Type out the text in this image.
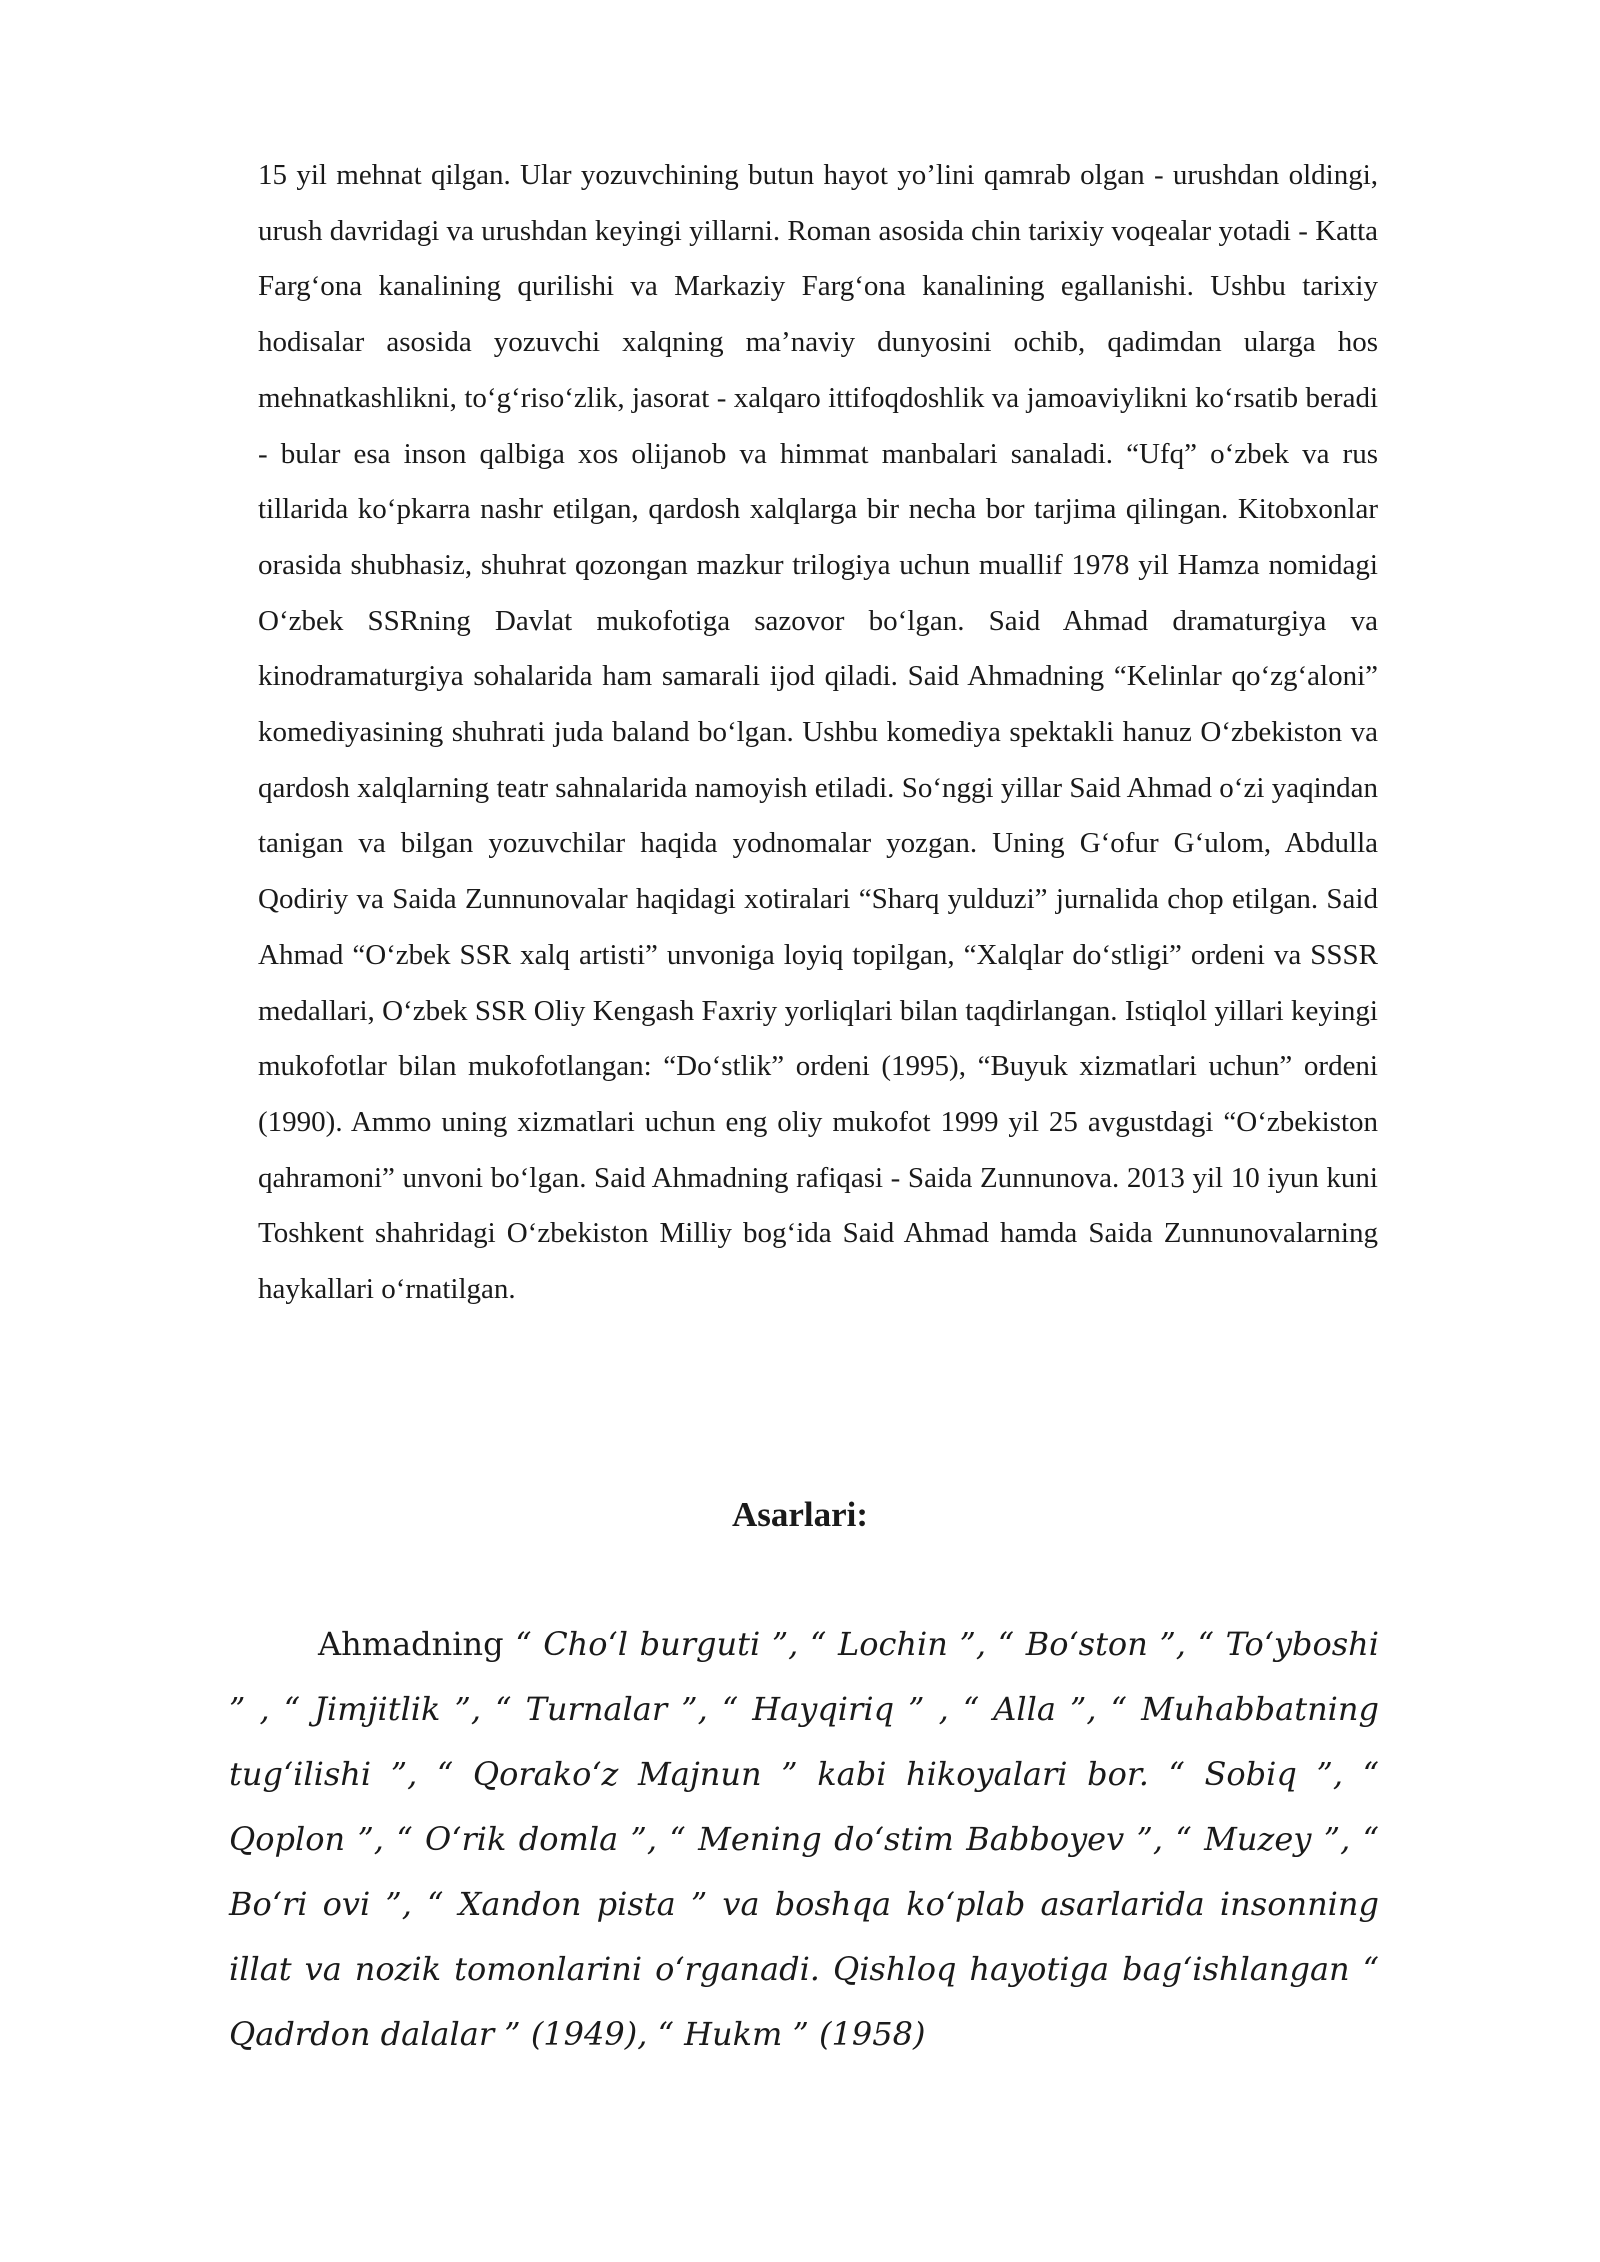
15 yil mehnat qilgan. Ular yozuvchining butun hayot yo’lini qamrab olgan - urushdan oldingi, urush davridagi va urushdan keyingi yillarni. Roman asosida chin tarixiy voqealar yotadi - Katta Farg‘ona kanalining qurilishi va Markaziy Farg‘ona kanalining egallanishi. Ushbu tarixiy hodisalar asosida yozuvchi xalqning ma’naviy dunyosini ochib, qadimdan ularga hos mehnatkashlikni, to‘g‘riso‘zlik, jasorat - xalqaro ittifoqdoshlik va jamoaviylikni ko‘rsatib beradi - bular esa inson qalbiga xos olijanob va himmat manbalari sanaladi. “Ufq” o‘zbek va rus tillarida ko‘pkarra nashr etilgan, qardosh xalqlarga bir necha bor tarjima qilingan. Kitobxonlar orasida shubhasiz, shuhrat qozongan mazkur trilogiya uchun muallif 1978 yil Hamza nomidagi O‘zbek SSRning Davlat mukofotiga sazovor bo‘lgan. Said Ahmad dramaturgiya va kinodramaturgiya sohalarida ham samarali ijod qiladi. Said Ahmadning “Kelinlar qo‘zg‘aloni” komediyasining shuhrati juda baland bo‘lgan. Ushbu komediya spektakli hanuz O‘zbekiston va qardosh xalqlarning teatr sahnalarida namoyish etiladi. So‘nggi yillar Said Ahmad o‘zi yaqindan tanigan va bilgan yozuvchilar haqida yodnomalar yozgan. Uning G‘ofur G‘ulom, Abdulla Qodiriy va Saida Zunnunovalar haqidagi xotiralari “Sharq yulduzi” jurnalida chop etilgan. Said Ahmad “O‘zbek SSR xalq artisti” unvoniga loyiq topilgan, “Xalqlar do‘stligi” ordeni va SSSR medallari, O‘zbek SSR Oliy Kengash Faxriy yorliqlari bilan taqdirlangan. Istiqlol yillari keyingi mukofotlar bilan mukofotlangan: “Do‘stlik” ordeni (1995), “Buyuk xizmatlari uchun” ordeni (1990). Ammo uning xizmatlari uchun eng oliy mukofot 1999 yil 25 avgustdagi “O‘zbekiston qahramoni” unvoni bo‘lgan. Said Ahmadning rafiqasi - Saida Zunnunova. 2013 yil 10 iyun kuni Toshkent shahridagi O‘zbekiston Milliy bog‘ida Said Ahmad hamda Saida Zunnunovalarning haykallari o‘rnatilgan.

Asarlari:

Ahmadning “ Cho‘l burguti ”, “ Lochin ”, “ Bo‘ston ”, “ To‘yboshi ” , “ Jimjitlik ”, “ Turnalar ”, “ Hayqiriq ” , “ Alla ”, “ Muhabbatning tug‘ilishi ”, “ Qorako‘z Majnun ” kabi hikoyalari bor. “ Sobiq ”, “ Qoplon ”, “ O‘rik domla ”, “ Mening do‘stim Babboyev ”, “ Muzey ”, “ Bo‘ri ovi ”, “ Xandon pista ” va boshqa ko‘plab asarlarida insonning illat va nozik tomonlarini o‘rganadi. Qishloq hayotiga bag‘ishlangan “ Qadrdon dalalar ” (1949), “ Hukm ” (1958)
